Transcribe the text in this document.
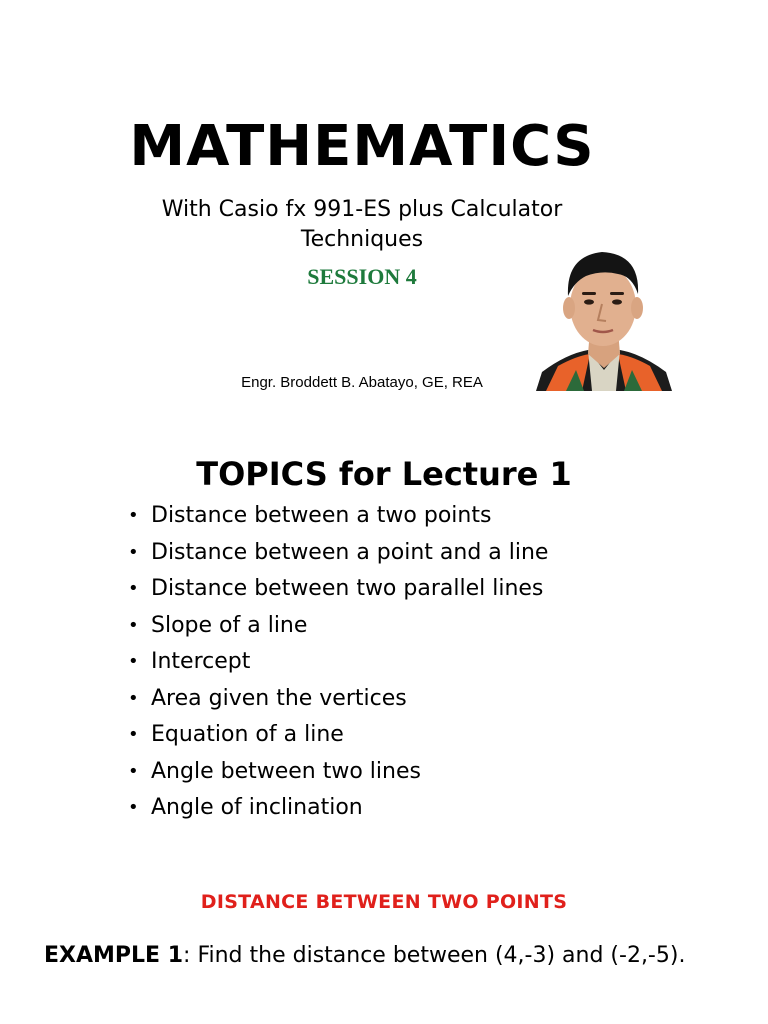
MATHEMATICS
With Casio fx 991-ES plus Calculator Techniques
SESSION 4
Engr. Broddett B. Abatayo, GE, REA
TOPICS for Lecture 1
• Distance between a two points
• Distance between a point and a line
• Distance between two parallel lines
• Slope of a line
• Intercept
• Area given the vertices
• Equation of a line
• Angle between two lines
• Angle of inclination
DISTANCE BETWEEN TWO POINTS
EXAMPLE 1: Find the distance between (4,-3) and (-2,-5).
